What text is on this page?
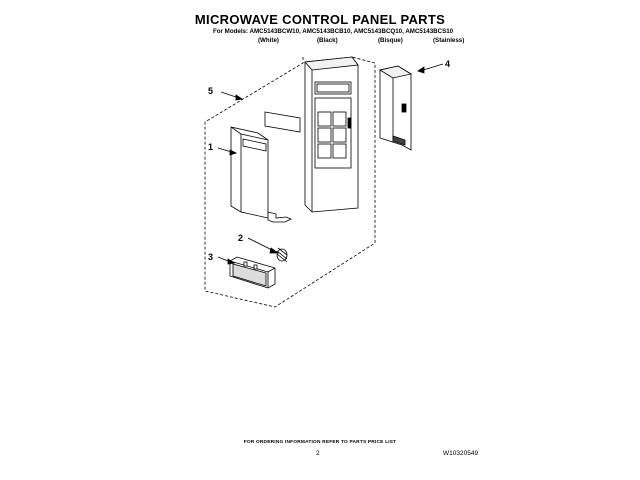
MICROWAVE CONTROL PANEL PARTS
For Models: AMC5143BCW10, AMC5143BCB10, AMC5143BCQ10, AMC5143BCS10
(White)	(Black)	(Bisque)	(Stainless)
5
4
1
2
3
FOR ORDERING INFORMATION REFER TO PARTS PRICE LIST
2	W10320549
